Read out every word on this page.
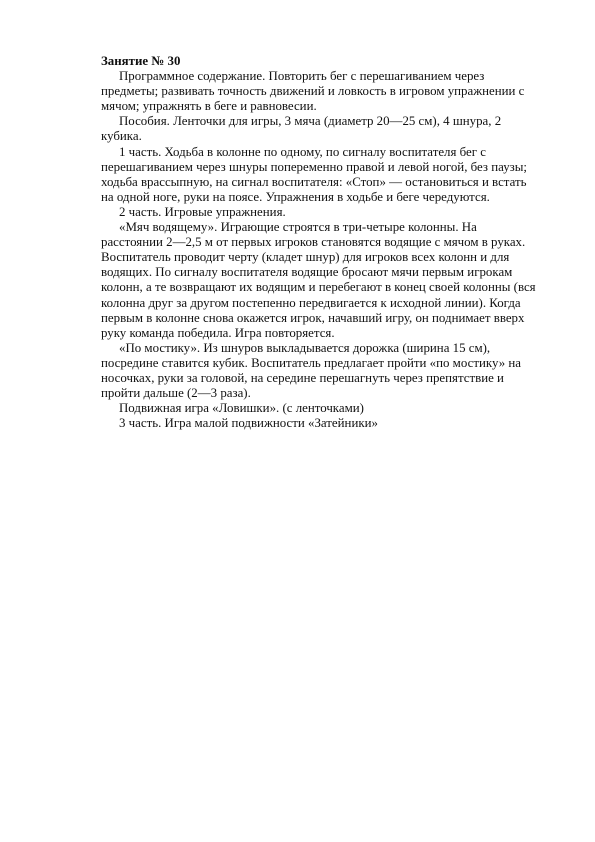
Занятие № 30

Программное содержание. Повторить бег с перешагиванием через
предметы; развивать точность движений и ловкость в игровом упражнении с
мячом; упражнять в беге и равновесии.
Пособия. Ленточки для игры, 3 мяча (диаметр 20—25 см), 4 шнура, 2
кубика.
1 часть. Ходьба в колонне по одному, по сигналу воспитателя бег с
перешагиванием через шнуры попеременно правой и левой ногой, без паузы;
ходьба врассыпную, на сигнал воспитателя: «Стоп» — остановиться и встать
на одной ноге, руки на поясе. Упражнения в ходьбе и беге чередуются.
2 часть. Игровые упражнения.
«Мяч водящему». Играющие строятся в три-четыре колонны. На
расстоянии 2—2,5 м от первых игроков становятся водящие с мячом в руках.
Воспитатель проводит черту (кладет шнур) для игроков всех колонн и для
водящих. По сигналу воспитателя водящие бросают мячи первым игрокам
колонн, а те возвращают их водящим и перебегают в конец своей колонны (вся
колонна друг за другом постепенно передвигается к исходной линии). Когда
первым в колонне снова окажется игрок, начавший игру, он поднимает вверх
руку команда победила. Игра повторяется.
«По мостику». Из шнуров выкладывается дорожка (ширина 15 см),
посредине ставится кубик. Воспитатель предлагает пройти «по мостику» на
носочках, руки за головой, на середине перешагнуть через препятствие и
пройти дальше (2—3 раза).
Подвижная игра «Ловишки». (с ленточками)
3 часть. Игра малой подвижности «Затейники»
